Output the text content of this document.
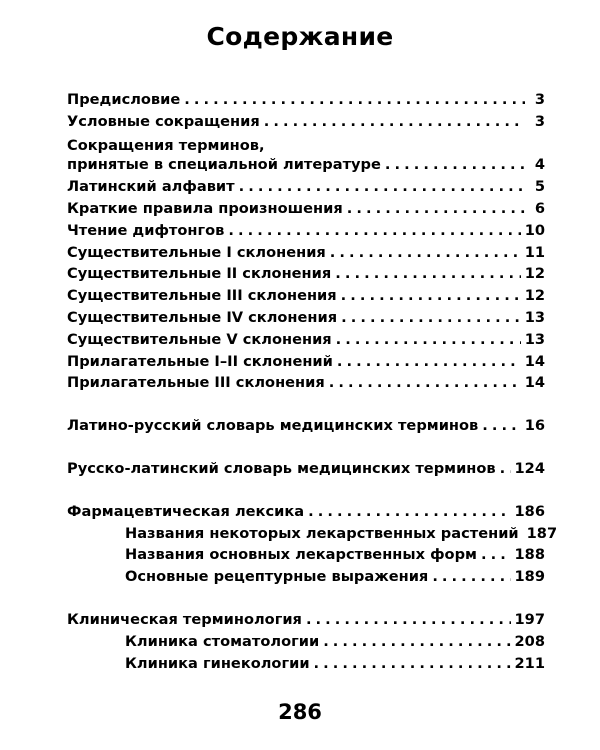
Содержание
Предисловие . . .	3
Условные сокращения . . .	3
Сокращения терминов,
принятые в специальной литературе . . .	4
Латинский алфавит . . .	5
Краткие правила произношения . . .	6
Чтение дифтонгов . . .	10
Существительные I склонения . . .	11
Существительные II склонения . . .	12
Существительные III склонения . . .	12
Существительные IV склонения . . .	13
Существительные V склонения . . .	13
Прилагательные I–II склонений . . .	14
Прилагательные III склонения . . .	14
Латино-русский словарь медицинских терминов . . .	16
Русско-латинский словарь медицинских терминов . . . 124
Фармацевтическая лексика . . .	186
Названия некоторых лекарственных растений 187
Названия основных лекарственных форм . . .	188
Основные рецептурные выражения . . .	189
Клиническая терминология . . .	197
Клиника стоматологии . . .	208
Клиника гинекологии . . .	211
286
